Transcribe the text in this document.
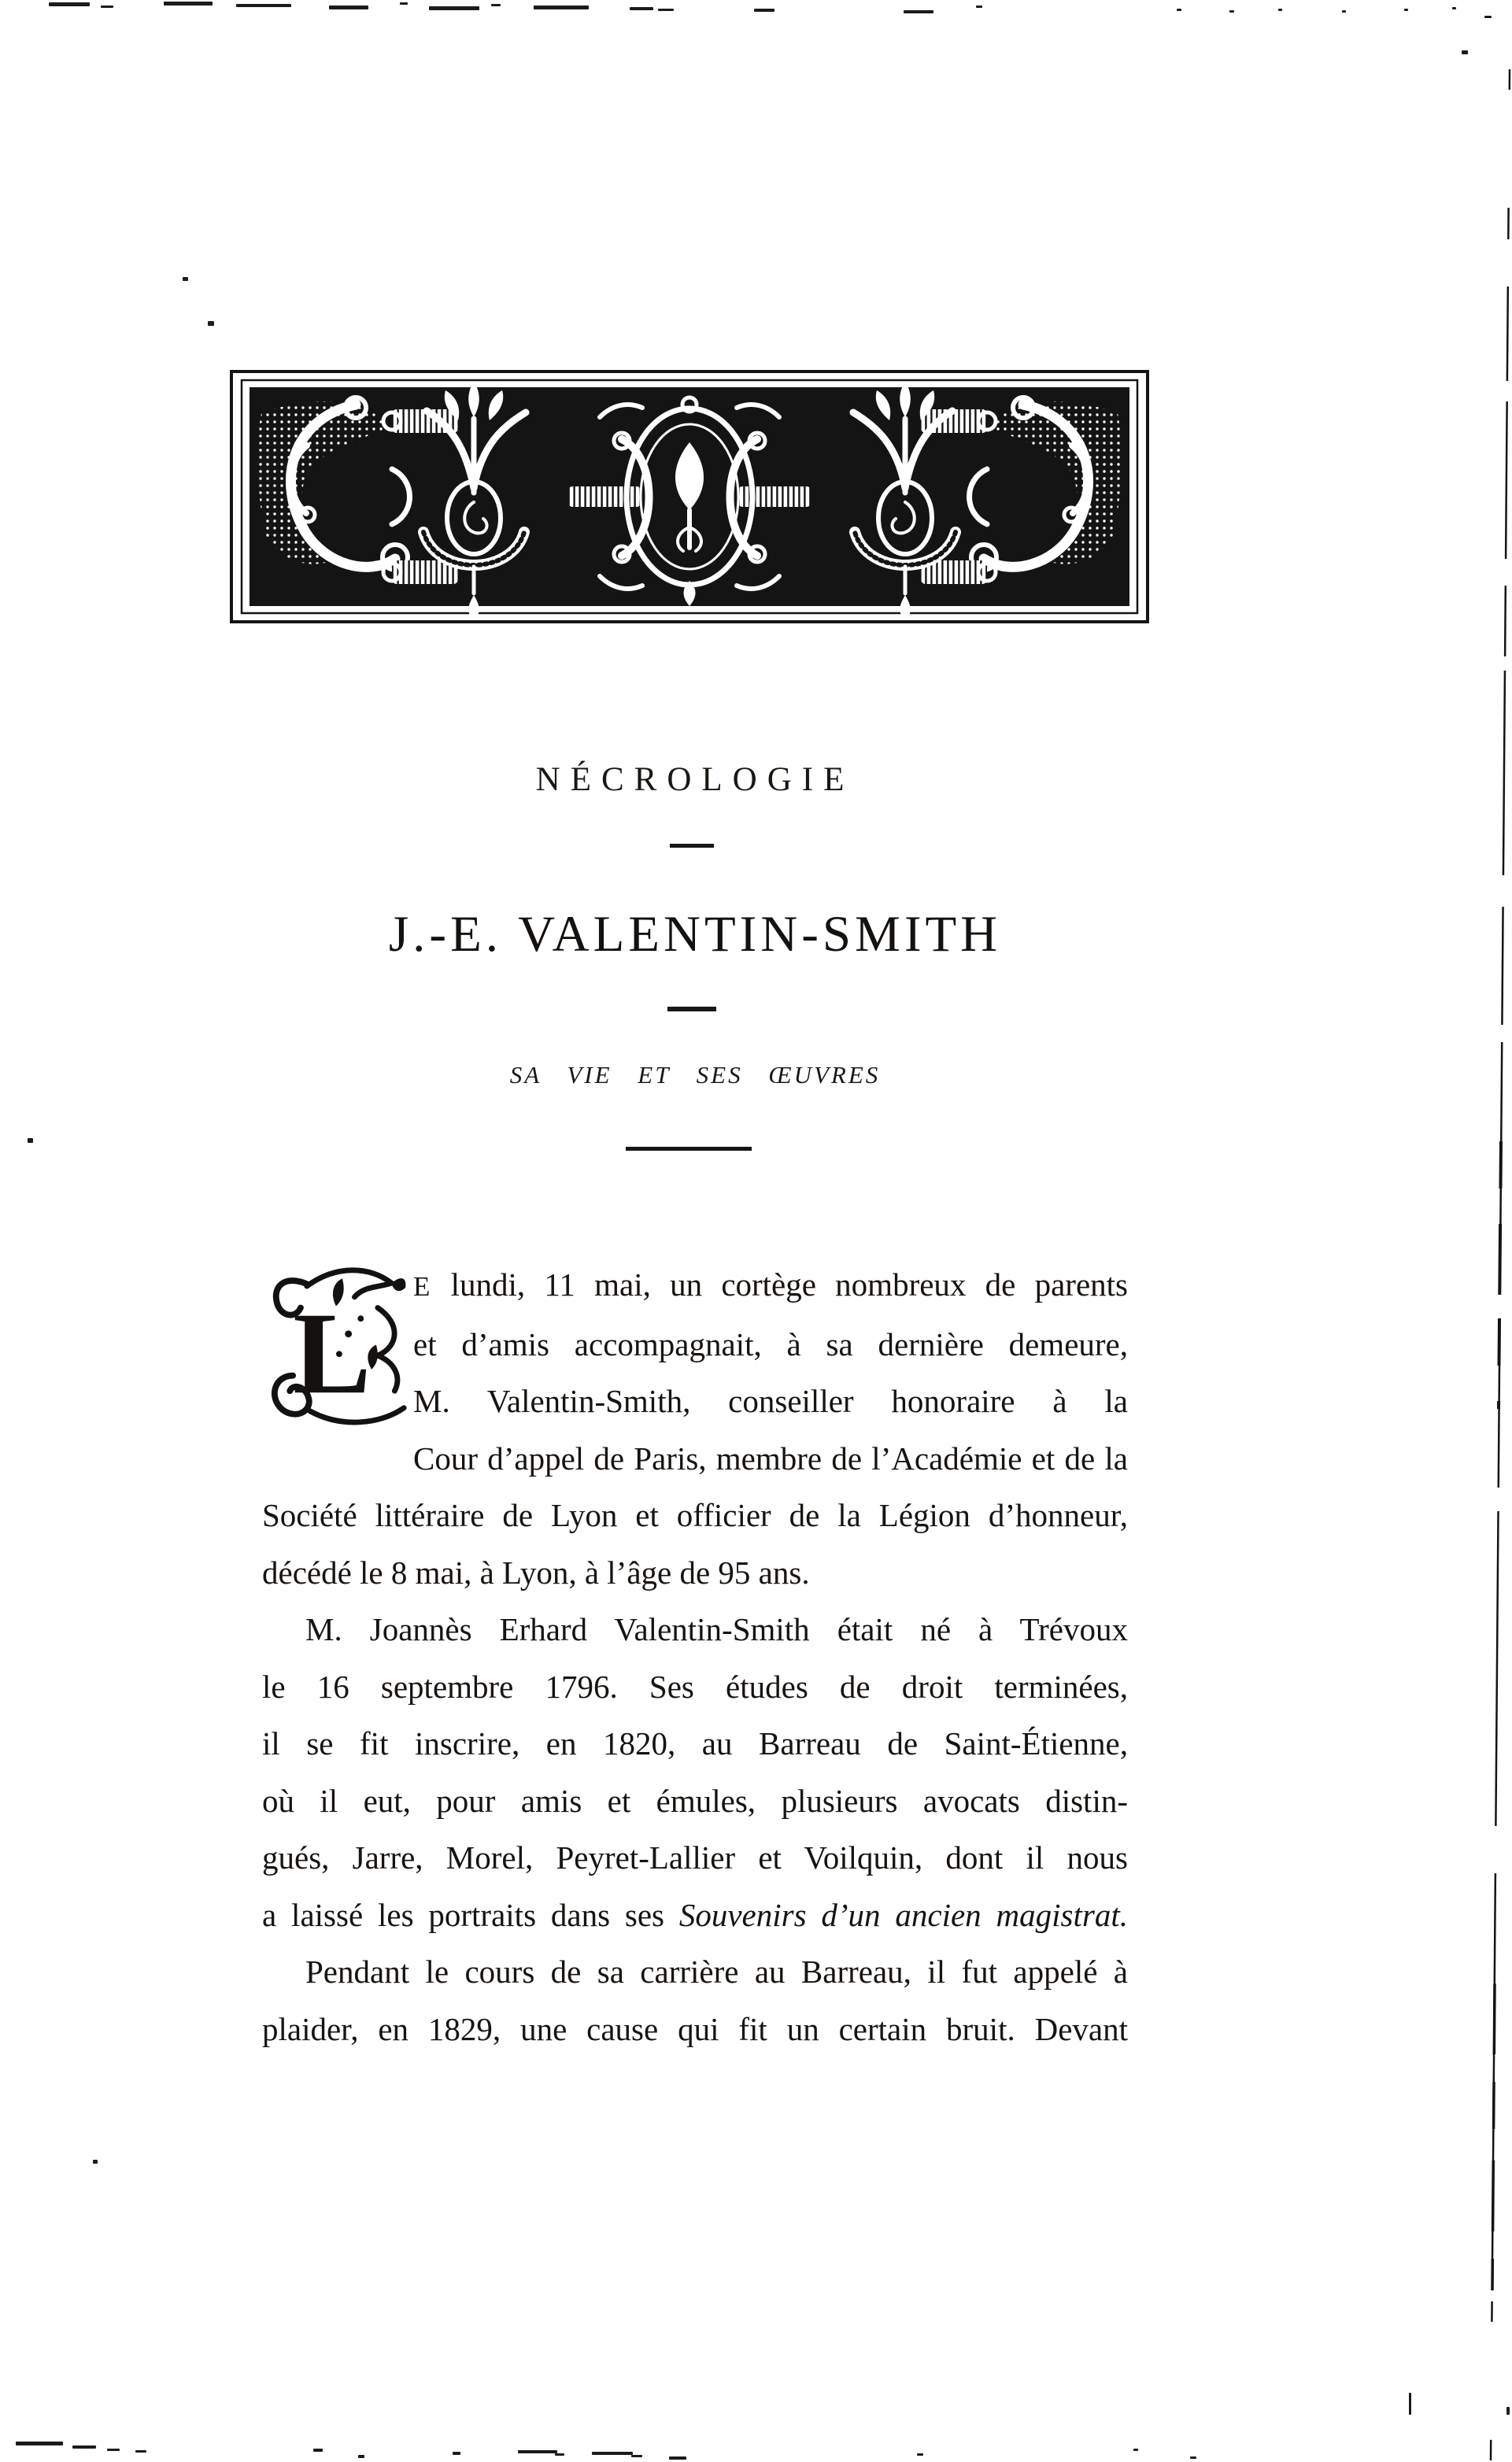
NÉCROLOGIE
J.-E. VALENTIN-SMITH
SA VIE ET SES ŒUVRES
L
E lundi, 11 mai, un cortège nombreux de parents
et d’amis accompagnait, à sa dernière demeure,
M. Valentin-Smith, conseiller honoraire à la
Cour d’appel de Paris, membre de l’Académie et de la
Société littéraire de Lyon et officier de la Légion d’honneur,
décédé le 8 mai, à Lyon, à l’âge de 95 ans.
M. Joannès Erhard Valentin-Smith était né à Trévoux
le 16 septembre 1796. Ses études de droit terminées,
il se fit inscrire, en 1820, au Barreau de Saint-Étienne,
où il eut, pour amis et émules, plusieurs avocats distin-
gués, Jarre, Morel, Peyret-Lallier et Voilquin, dont il nous
a laissé les portraits dans ses Souvenirs d’un ancien magistrat.
Pendant le cours de sa carrière au Barreau, il fut appelé à
plaider, en 1829, une cause qui fit un certain bruit. Devant
